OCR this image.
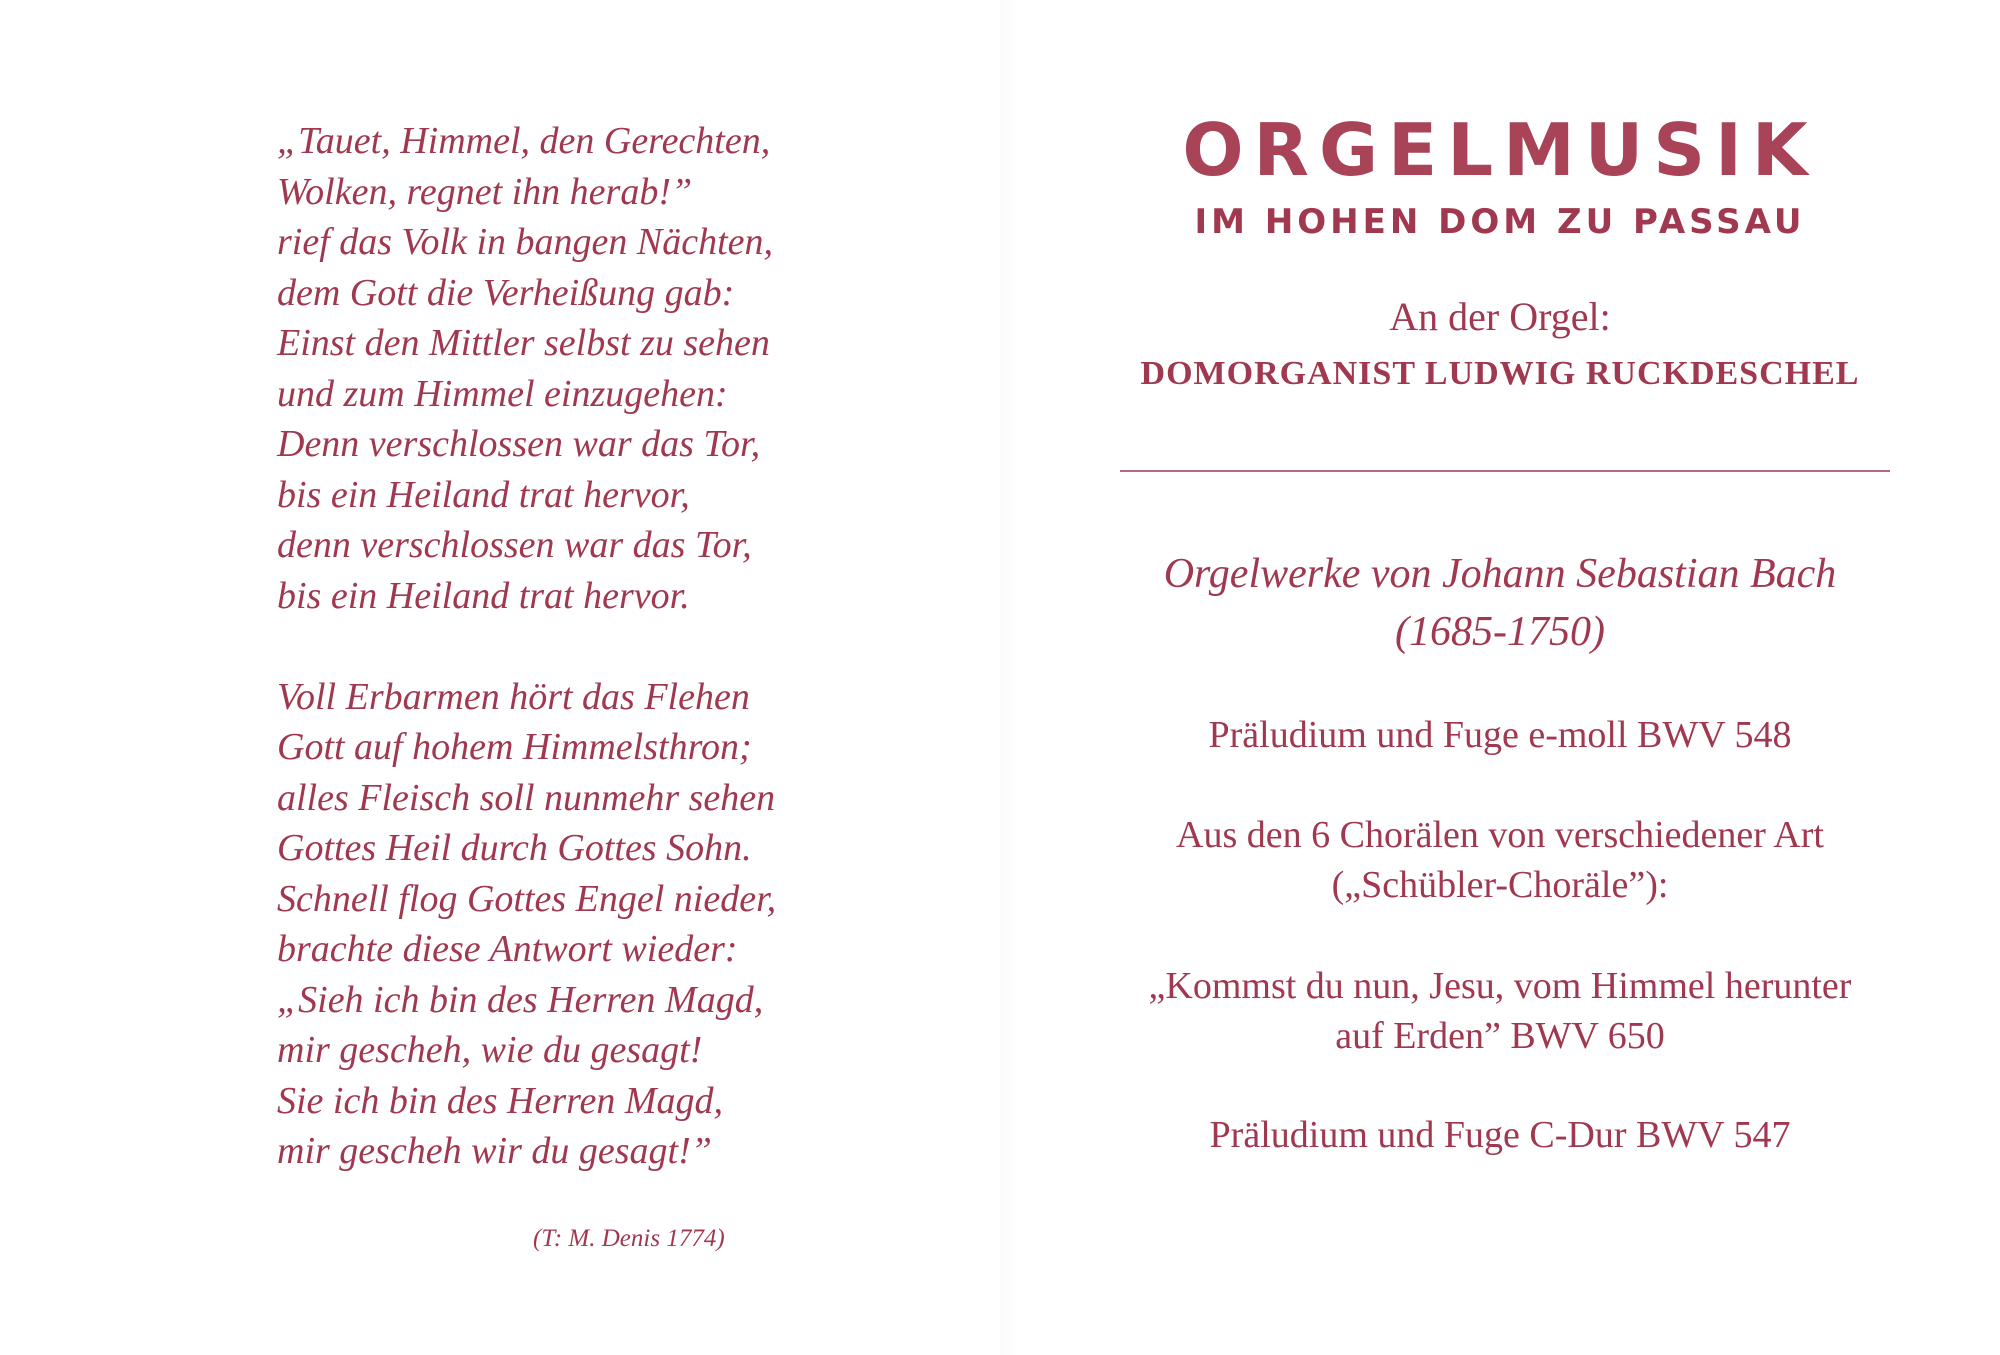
„Tauet, Himmel, den Gerechten,
Wolken, regnet ihn herab!”
rief das Volk in bangen Nächten,
dem Gott die Verheißung gab:
Einst den Mittler selbst zu sehen
und zum Himmel einzugehen:
Denn verschlossen war das Tor,
bis ein Heiland trat hervor,
denn verschlossen war das Tor,
bis ein Heiland trat hervor.
Voll Erbarmen hört das Flehen
Gott auf hohem Himmelsthron;
alles Fleisch soll nunmehr sehen
Gottes Heil durch Gottes Sohn.
Schnell flog Gottes Engel nieder,
brachte diese Antwort wieder:
„Sieh ich bin des Herren Magd,
mir gescheh, wie du gesagt!
Sie ich bin des Herren Magd,
mir gescheh wir du gesagt!”
(T: M. Denis 1774)
ORGELMUSIK
IM HOHEN DOM ZU PASSAU
An der Orgel:
DOMORGANIST LUDWIG RUCKDESCHEL
Orgelwerke von Johann Sebastian Bach
(1685-1750)
Präludium und Fuge e-moll BWV 548
Aus den 6 Chorälen von verschiedener Art
(„Schübler-Choräle”):
„Kommst du nun, Jesu, vom Himmel herunter
auf Erden” BWV 650
Präludium und Fuge C-Dur BWV 547
